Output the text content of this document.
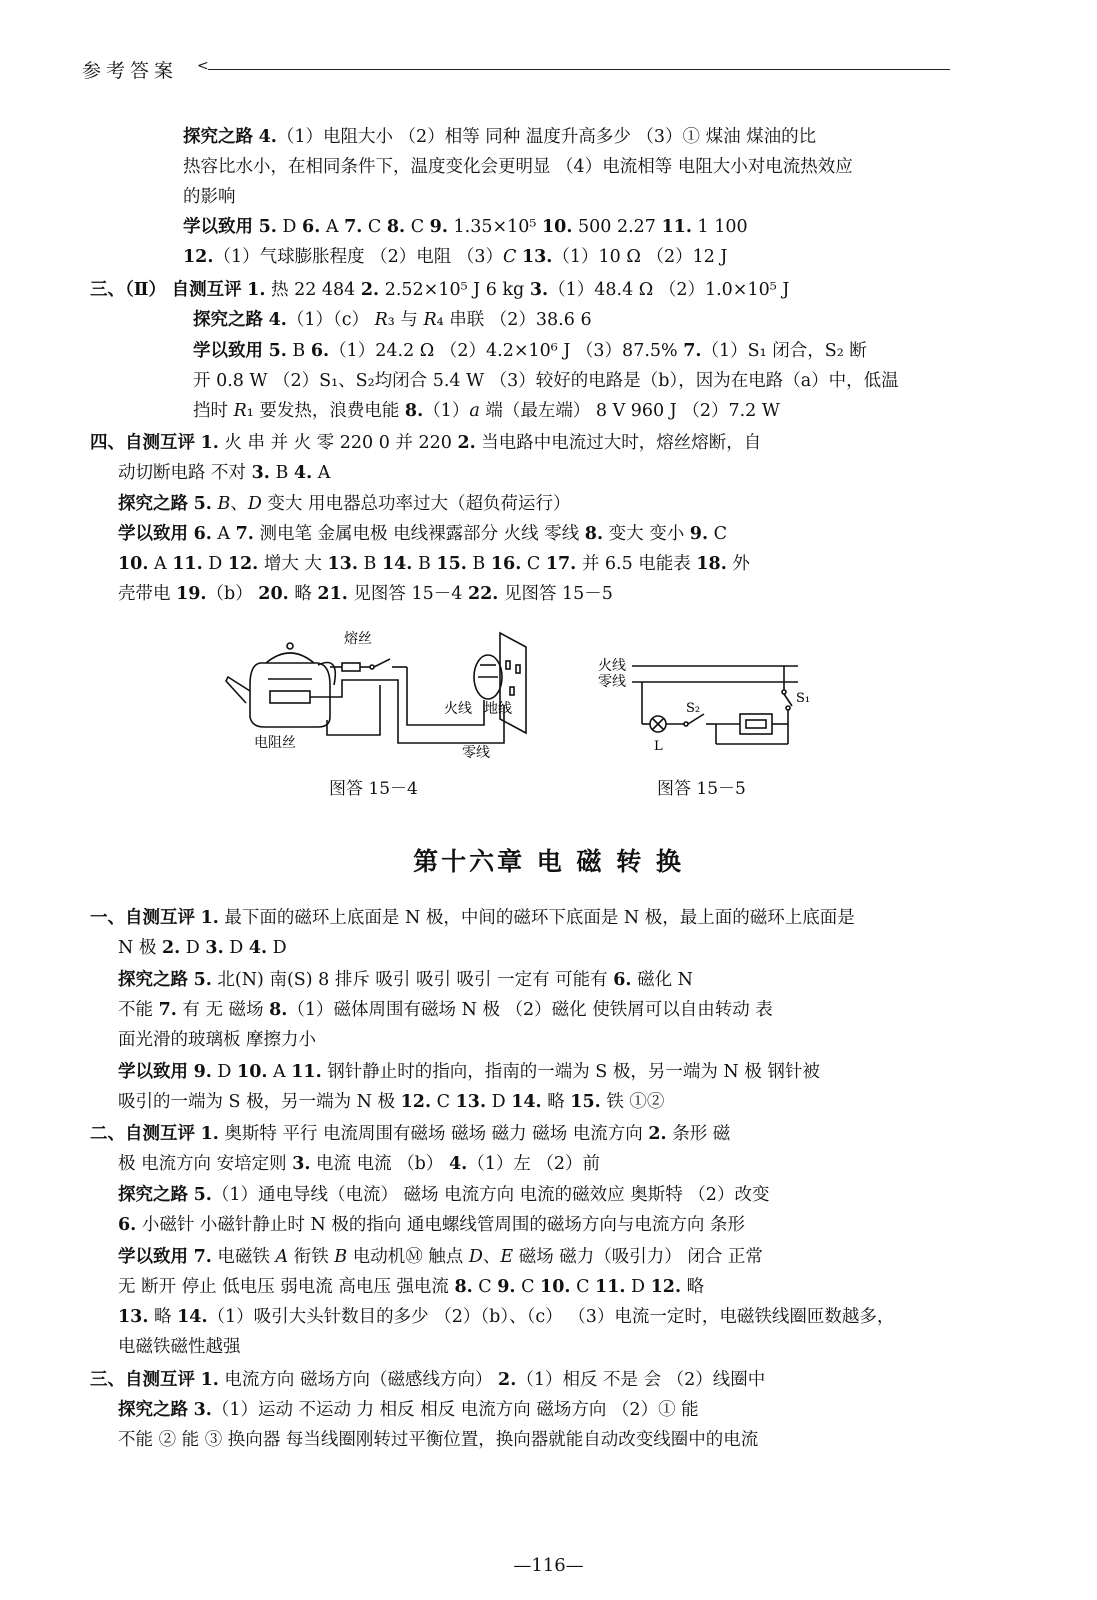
参考答案 <
探究之路 4.（1）电阻大小 （2）相等 同种 温度升高多少 （3）① 煤油 煤油的比
热容比水小，在相同条件下，温度变化会更明显 （4）电流相等 电阻大小对电流热效应
的影响
学以致用 5. D 6. A 7. C 8. C 9. 1.35×10⁵ 10. 500 2.27 11. 1 100
12.（1）气球膨胀程度 （2）电阻 （3）C 13.（1）10 Ω （2）12 J
三、（Ⅱ） 自测互评 1. 热 22 484 2. 2.52×10⁵ J 6 kg 3.（1）48.4 Ω （2）1.0×10⁵ J
探究之路 4.（1）（c） R₃ 与 R₄ 串联 （2）38.6 6
学以致用 5. B 6.（1）24.2 Ω （2）4.2×10⁶ J （3）87.5% 7.（1）S₁ 闭合，S₂ 断
开 0.8 W （2）S₁、S₂均闭合 5.4 W （3）较好的电路是（b），因为在电路（a）中，低温
挡时 R₁ 要发热，浪费电能 8.（1）a 端（最左端） 8 V 960 J （2）7.2 W
四、自测互评 1. 火 串 并 火 零 220 0 并 220 2. 当电路中电流过大时，熔丝熔断，自
动切断电路 不对 3. B 4. A
探究之路 5. B、D 变大 用电器总功率过大（超负荷运行）
学以致用 6. A 7. 测电笔 金属电极 电线裸露部分 火线 零线 8. 变大 变小 9. C
10. A 11. D 12. 增大 大 13. B 14. B 15. B 16. C 17. 并 6.5 电能表 18. 外
壳带电 19.（b） 20. 略 21. 见图答 15－4 22. 见图答 15－5
一、自测互评 1. 最下面的磁环上底面是 N 极，中间的磁环下底面是 N 极，最上面的磁环上底面是
N 极 2. D 3. D 4. D
探究之路 5. 北(N) 南(S) 8 排斥 吸引 吸引 吸引 一定有 可能有 6. 磁化 N
不能 7. 有 无 磁场 8.（1）磁体周围有磁场 N 极 （2）磁化 使铁屑可以自由转动 表
面光滑的玻璃板 摩擦力小
学以致用 9. D 10. A 11. 钢针静止时的指向，指南的一端为 S 极，另一端为 N 极 钢针被
吸引的一端为 S 极，另一端为 N 极 12. C 13. D 14. 略 15. 铁 ①②
二、自测互评 1. 奥斯特 平行 电流周围有磁场 磁场 磁力 磁场 电流方向 2. 条形 磁
极 电流方向 安培定则 3. 电流 电流 （b） 4.（1）左 （2）前
探究之路 5.（1）通电导线（电流） 磁场 电流方向 电流的磁效应 奥斯特 （2）改变
6. 小磁针 小磁针静止时 N 极的指向 通电螺线管周围的磁场方向与电流方向 条形
学以致用 7. 电磁铁 A 衔铁 B 电动机Ⓜ 触点 D、E 磁场 磁力（吸引力） 闭合 正常
无 断开 停止 低电压 弱电流 高电压 强电流 8. C 9. C 10. C 11. D 12. 略
13. 略 14.（1）吸引大头针数目的多少 （2）（b）、（c） （3）电流一定时，电磁铁线圈匝数越多，
电磁铁磁性越强
三、自测互评 1. 电流方向 磁场方向（磁感线方向） 2.（1）相反 不是 会 （2）线圈中
探究之路 3.（1）运动 不运动 力 相反 相反 电流方向 磁场方向 （2）① 能
不能 ② 能 ③ 换向器 每当线圈刚转过平衡位置，换向器就能自动改变线圈中的电流
熔丝
电阻丝
火线 地线
零线
图答 15－4
火线
零线
S₁
S₂
L
图答 15－5
第十六章 电 磁 转 换
—116—
